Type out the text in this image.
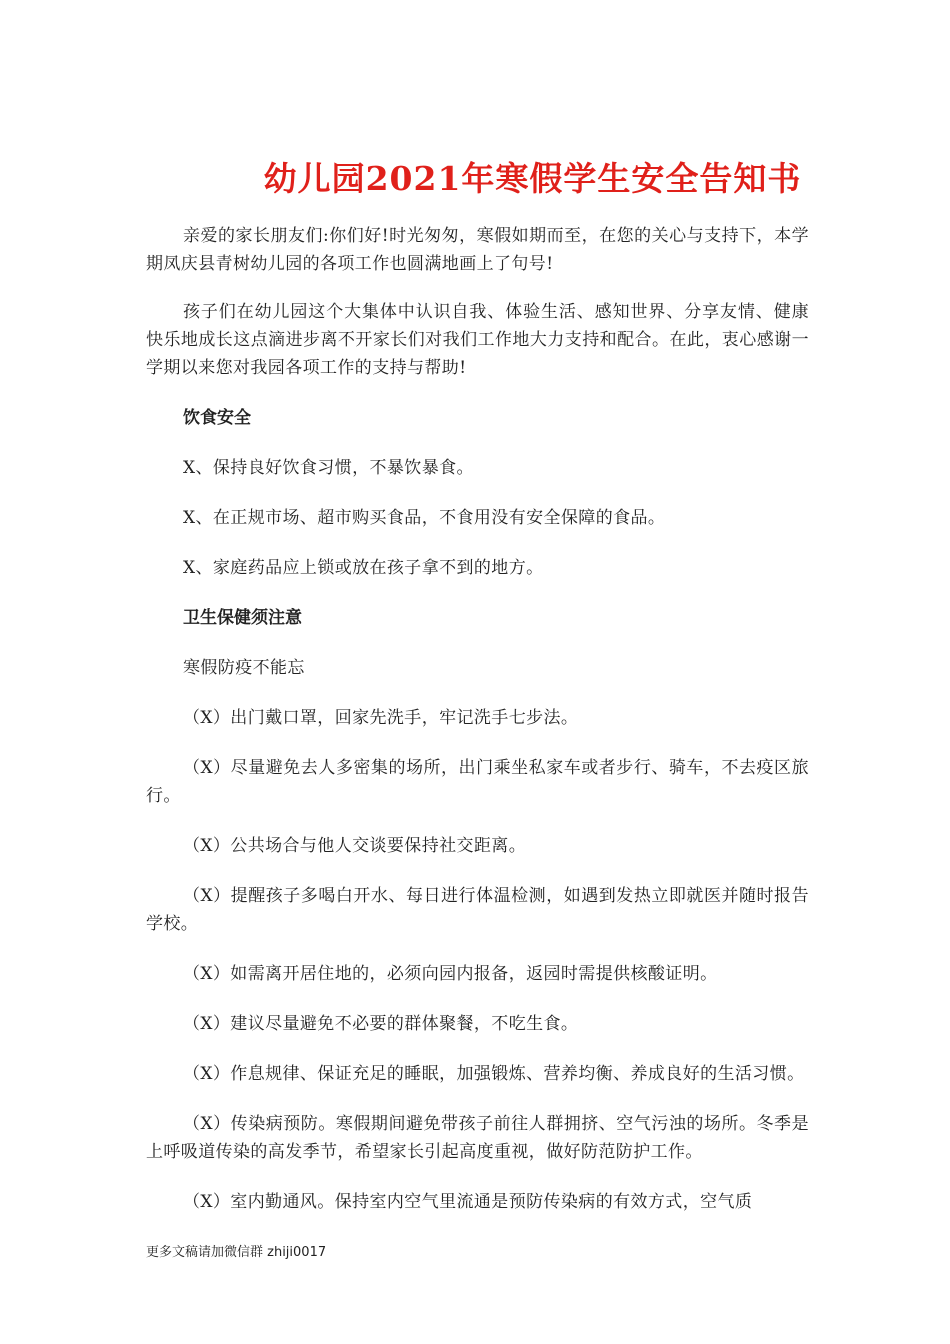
幼儿园2021年寒假学生安全告知书

亲爱的家长朋友们:你们好!时光匆匆，寒假如期而至，在您的关心与支持下，本学期凤庆县青树幼儿园的各项工作也圆满地画上了句号!

孩子们在幼儿园这个大集体中认识自我、体验生活、感知世界、分享友情、健康快乐地成长这点滴进步离不开家长们对我们工作地大力支持和配合。在此，衷心感谢一学期以来您对我园各项工作的支持与帮助!

饮食安全

X、保持良好饮食习惯，不暴饮暴食。

X、在正规市场、超市购买食品，不食用没有安全保障的食品。

X、家庭药品应上锁或放在孩子拿不到的地方。

卫生保健须注意

寒假防疫不能忘

（X）出门戴口罩，回家先洗手，牢记洗手七步法。

（X）尽量避免去人多密集的场所，出门乘坐私家车或者步行、骑车，不去疫区旅行。

（X）公共场合与他人交谈要保持社交距离。

（X）提醒孩子多喝白开水、每日进行体温检测，如遇到发热立即就医并随时报告学校。

（X）如需离开居住地的，必须向园内报备，返园时需提供核酸证明。

（X）建议尽量避免不必要的群体聚餐，不吃生食。

（X）作息规律、保证充足的睡眠，加强锻炼、营养均衡、养成良好的生活习惯。

（X）传染病预防。寒假期间避免带孩子前往人群拥挤、空气污浊的场所。冬季是上呼吸道传染的高发季节，希望家长引起高度重视，做好防范防护工作。

（X）室内勤通风。保持室内空气里流通是预防传染病的有效方式，空气质

更多文稿请加微信群 zhiji0017
